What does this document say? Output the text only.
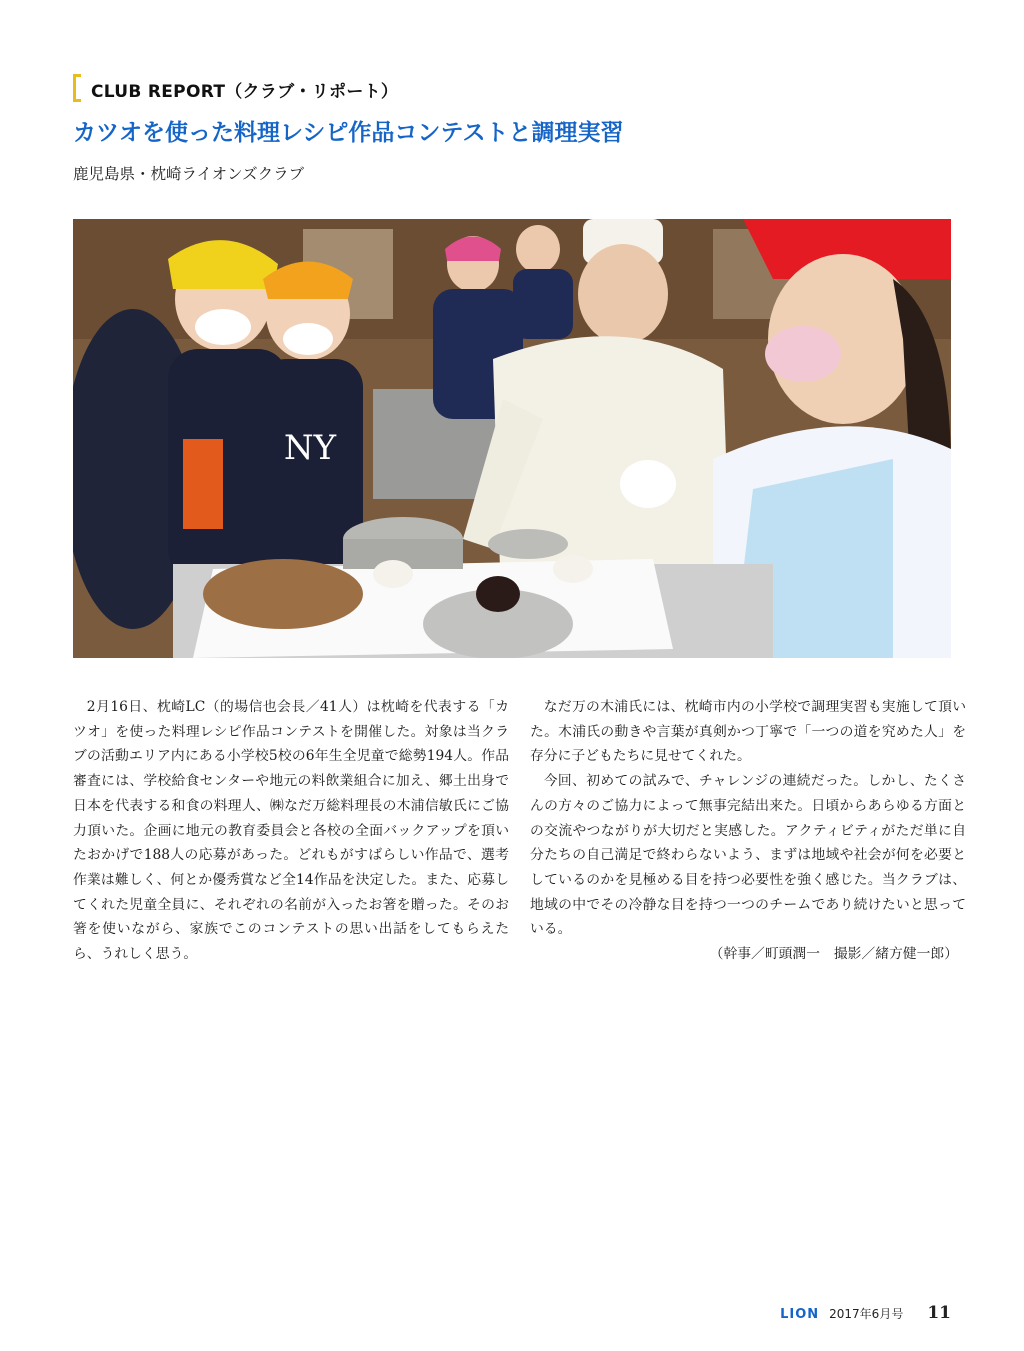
CLUB REPORT（クラブ・リポート）
カツオを使った料理レシピ作品コンテストと調理実習
鹿児島県・枕崎ライオンズクラブ
NY

2月16日、枕崎LC（的場信也会長／41人）は枕崎を代表する「カツオ」を使った料理レシピ作品コンテストを開催した。対象は当クラブの活動エリア内にある小学校5校の6年生全児童で総勢194人。作品審査には、学校給食センターや地元の料飲業組合に加え、郷土出身で日本を代表する和食の料理人、㈱なだ万総料理長の木浦信敏氏にご協力頂いた。企画に地元の教育委員会と各校の全面バックアップを頂いたおかげで188人の応募があった。どれもがすばらしい作品で、選考作業は難しく、何とか優秀賞など全14作品を決定した。また、応募してくれた児童全員に、それぞれの名前が入ったお箸を贈った。そのお箸を使いながら、家族でこのコンテストの思い出話をしてもらえたら、うれしく思う。

なだ万の木浦氏には、枕崎市内の小学校で調理実習も実施して頂いた。木浦氏の動きや言葉が真剣かつ丁寧で「一つの道を究めた人」を存分に子どもたちに見せてくれた。

今回、初めての試みで、チャレンジの連続だった。しかし、たくさんの方々のご協力によって無事完結出来た。日頃からあらゆる方面との交流やつながりが大切だと実感した。アクティビティがただ単に自分たちの自己満足で終わらないよう、まずは地域や社会が何を必要としているのかを見極める目を持つ必要性を強く感じた。当クラブは、地域の中でその冷静な目を持つ一つのチームであり続けたいと思っている。

（幹事／町頭潤一　撮影／緒方健一郎）

LION 2017年6月号 11
